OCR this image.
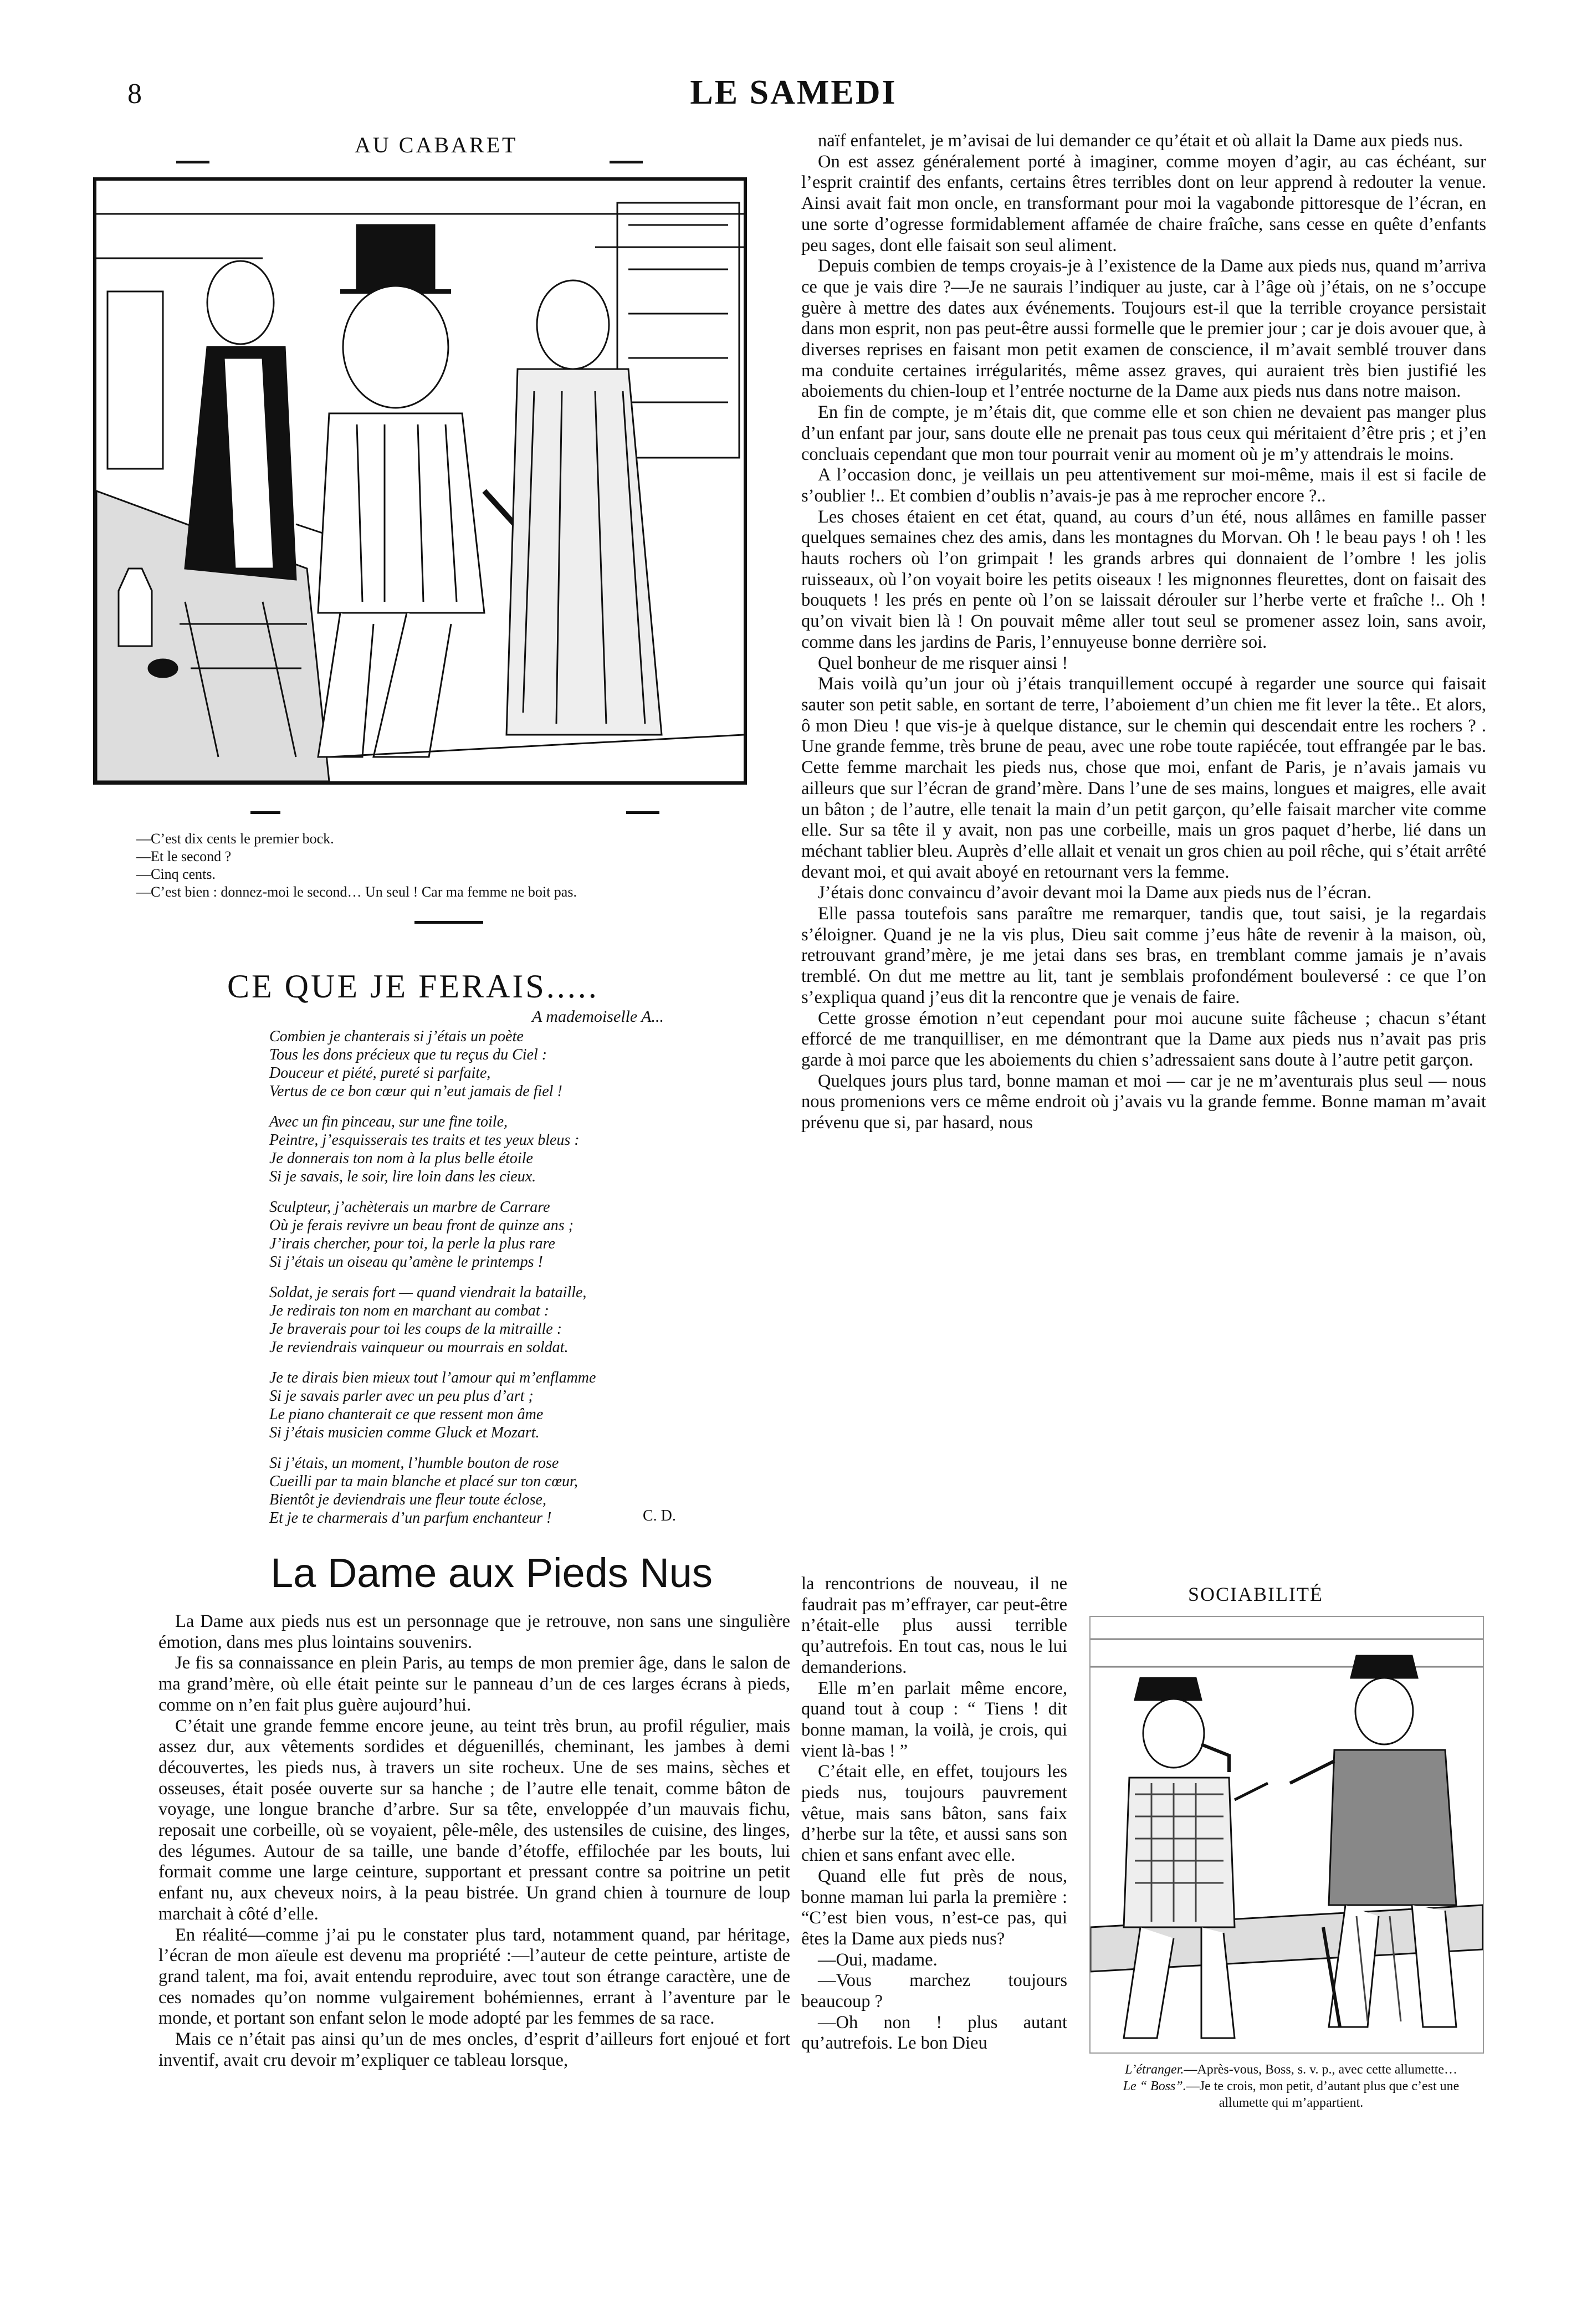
8	LE SAMEDI
AU CABARET
—C’est dix cents le premier bock.
—Et le second ?
—Cinq cents.
—C’est bien : donnez-moi le second… Un seul ! Car ma femme ne boit pas.
CE QUE JE FERAIS.....
A mademoiselle A...
Combien je chanterais si j’étais un poète
Tous les dons précieux que tu reçus du Ciel :
Douceur et piété, pureté si parfaite,
Vertus de ce bon cœur qui n’eut jamais de fiel !
Avec un fin pinceau, sur une fine toile,
Peintre, j’esquisserais tes traits et tes yeux bleus :
Je donnerais ton nom à la plus belle étoile
Si je savais, le soir, lire loin dans les cieux.
Sculpteur, j’achèterais un marbre de Carrare
Où je ferais revivre un beau front de quinze ans ;
J’irais chercher, pour toi, la perle la plus rare
Si j’étais un oiseau qu’amène le printemps !
Soldat, je serais fort — quand viendrait la bataille,
Je redirais ton nom en marchant au combat :
Je braverais pour toi les coups de la mitraille :
Je reviendrais vainqueur ou mourrais en soldat.
Je te dirais bien mieux tout l’amour qui m’enflamme
Si je savais parler avec un peu plus d’art ;
Le piano chanterait ce que ressent mon âme
Si j’étais musicien comme Gluck et Mozart.
Si j’étais, un moment, l’humble bouton de rose
Cueilli par ta main blanche et placé sur ton cœur,
Bientôt je deviendrais une fleur toute éclose,
Et je te charmerais d’un parfum enchanteur !	C. D.
La Dame aux Pieds Nus

La Dame aux pieds nus est un personnage que je retrouve, non sans une singulière émotion, dans mes plus lointains souvenirs.

Je fis sa connaissance en plein Paris, au temps de mon premier âge, dans le salon de ma grand’mère, où elle était peinte sur le panneau d’un de ces larges écrans à pieds, comme on n’en fait plus guère aujourd’hui.

C’était une grande femme encore jeune, au teint très brun, au profil régulier, mais assez dur, aux vêtements sordides et déguenillés, cheminant, les jambes à demi découvertes, les pieds nus, à travers un site rocheux. Une de ses mains, sèches et osseuses, était posée ouverte sur sa hanche ; de l’autre elle tenait, comme bâton de voyage, une longue branche d’arbre. Sur sa tête, enveloppée d’un mauvais fichu, reposait une corbeille, où se voyaient, pêle-mêle, des ustensiles de cuisine, des linges, des légumes. Autour de sa taille, une bande d’étoffe, effilochée par les bouts, lui formait comme une large ceinture, supportant et pressant contre sa poitrine un petit enfant nu, aux cheveux noirs, à la peau bistrée. Un grand chien à tournure de loup marchait à côté d’elle.

En réalité—comme j’ai pu le constater plus tard, notamment quand, par héritage, l’écran de mon aïeule est devenu ma propriété :—l’auteur de cette peinture, artiste de grand talent, ma foi, avait entendu reproduire, avec tout son étrange caractère, une de ces nomades qu’on nomme vulgairement bohémiennes, errant à l’aventure par le monde, et portant son enfant selon le mode adopté par les femmes de sa race.

Mais ce n’était pas ainsi qu’un de mes oncles, d’esprit d’ailleurs fort enjoué et fort inventif, avait cru devoir m’expliquer ce tableau lorsque,

naïf enfantelet, je m’avisai de lui demander ce qu’était et où allait la Dame aux pieds nus.

On est assez généralement porté à imaginer, comme moyen d’agir, au cas échéant, sur l’esprit craintif des enfants, certains êtres terribles dont on leur apprend à redouter la venue. Ainsi avait fait mon oncle, en transformant pour moi la vagabonde pittoresque de l’écran, en une sorte d’ogresse formidablement affamée de chaire fraîche, sans cesse en quête d’enfants peu sages, dont elle faisait son seul aliment.

Depuis combien de temps croyais-je à l’existence de la Dame aux pieds nus, quand m’arriva ce que je vais dire ?—Je ne saurais l’indiquer au juste, car à l’âge où j’étais, on ne s’occupe guère à mettre des dates aux événements. Toujours est-il que la terrible croyance persistait dans mon esprit, non pas peut-être aussi formelle que le premier jour ; car je dois avouer que, à diverses reprises en faisant mon petit examen de conscience, il m’avait semblé trouver dans ma conduite certaines irrégularités, même assez graves, qui auraient très bien justifié les aboiements du chien-loup et l’entrée nocturne de la Dame aux pieds nus dans notre maison.

En fin de compte, je m’étais dit, que comme elle et son chien ne devaient pas manger plus d’un enfant par jour, sans doute elle ne prenait pas tous ceux qui méritaient d’être pris ; et j’en concluais cependant que mon tour pourrait venir au moment où je m’y attendrais le moins.

A l’occasion donc, je veillais un peu attentivement sur moi-même, mais il est si facile de s’oublier !.. Et combien d’oublis n’avais-je pas à me reprocher encore ?..

Les choses étaient en cet état, quand, au cours d’un été, nous allâmes en famille passer quelques semaines chez des amis, dans les montagnes du Morvan. Oh ! le beau pays ! oh ! les hauts rochers où l’on grimpait ! les grands arbres qui donnaient de l’ombre ! les jolis ruisseaux, où l’on voyait boire les petits oiseaux ! les mignonnes fleurettes, dont on faisait des bouquets ! les prés en pente où l’on se laissait dérouler sur l’herbe verte et fraîche !.. Oh ! qu’on vivait bien là ! On pouvait même aller tout seul se promener assez loin, sans avoir, comme dans les jardins de Paris, l’ennuyeuse bonne derrière soi.

Quel bonheur de me risquer ainsi !

Mais voilà qu’un jour où j’étais tranquillement occupé à regarder une source qui faisait sauter son petit sable, en sortant de terre, l’aboiement d’un chien me fit lever la tête.. Et alors, ô mon Dieu ! que vis-je à quelque distance, sur le chemin qui descendait entre les rochers ? . Une grande femme, très brune de peau, avec une robe toute rapiécée, tout effrangée par le bas. Cette femme marchait les pieds nus, chose que moi, enfant de Paris, je n’avais jamais vu ailleurs que sur l’écran de grand’mère. Dans l’une de ses mains, longues et maigres, elle avait un bâton ; de l’autre, elle tenait la main d’un petit garçon, qu’elle faisait marcher vite comme elle. Sur sa tête il y avait, non pas une corbeille, mais un gros paquet d’herbe, lié dans un méchant tablier bleu. Auprès d’elle allait et venait un gros chien au poil rêche, qui s’était arrêté devant moi, et qui avait aboyé en retournant vers la femme.

J’étais donc convaincu d’avoir devant moi la Dame aux pieds nus de l’écran.

Elle passa toutefois sans paraître me remarquer, tandis que, tout saisi, je la regardais s’éloigner. Quand je ne la vis plus, Dieu sait comme j’eus hâte de revenir à la maison, où, retrouvant grand’mère, je me jetai dans ses bras, en tremblant comme jamais je n’avais tremblé. On dut me mettre au lit, tant je semblais profondément bouleversé : ce que l’on s’expliqua quand j’eus dit la rencontre que je venais de faire.

Cette grosse émotion n’eut cependant pour moi aucune suite fâcheuse ; chacun s’étant efforcé de me tranquilliser, en me démontrant que la Dame aux pieds nus n’avait pas pris garde à moi parce que les aboiements du chien s’adressaient sans doute à l’autre petit garçon.

Quelques jours plus tard, bonne maman et moi — car je ne m’aventurais plus seul — nous nous promenions vers ce même endroit où j’avais vu la grande femme. Bonne maman m’avait prévenu que si, par hasard, nous

la rencontrions de nouveau, il ne faudrait pas m’effrayer, car peut-être n’était-elle plus aussi terrible qu’autrefois. En tout cas, nous le lui demanderions.

Elle m’en parlait même encore, quand tout à coup : “ Tiens ! dit bonne maman, la voilà, je crois, qui vient là-bas ! ”

C’était elle, en effet, toujours les pieds nus, toujours pauvrement vêtue, mais sans bâton, sans faix d’herbe sur la tête, et aussi sans son chien et sans enfant avec elle.

Quand elle fut près de nous, bonne maman lui parla la première : “C’est bien vous, n’est-ce pas, qui êtes la Dame aux pieds nus?

—Oui, madame.

—Vous marchez toujours beaucoup ?

—Oh non ! plus autant qu’autrefois. Le bon Dieu

SOCIABILITÉ
L’étranger.—Après-vous, Boss, s. v. p., avec cette allumette…
Le “ Boss”.—Je te crois, mon petit, d’autant plus que c’est une allumette qui m’appartient.
